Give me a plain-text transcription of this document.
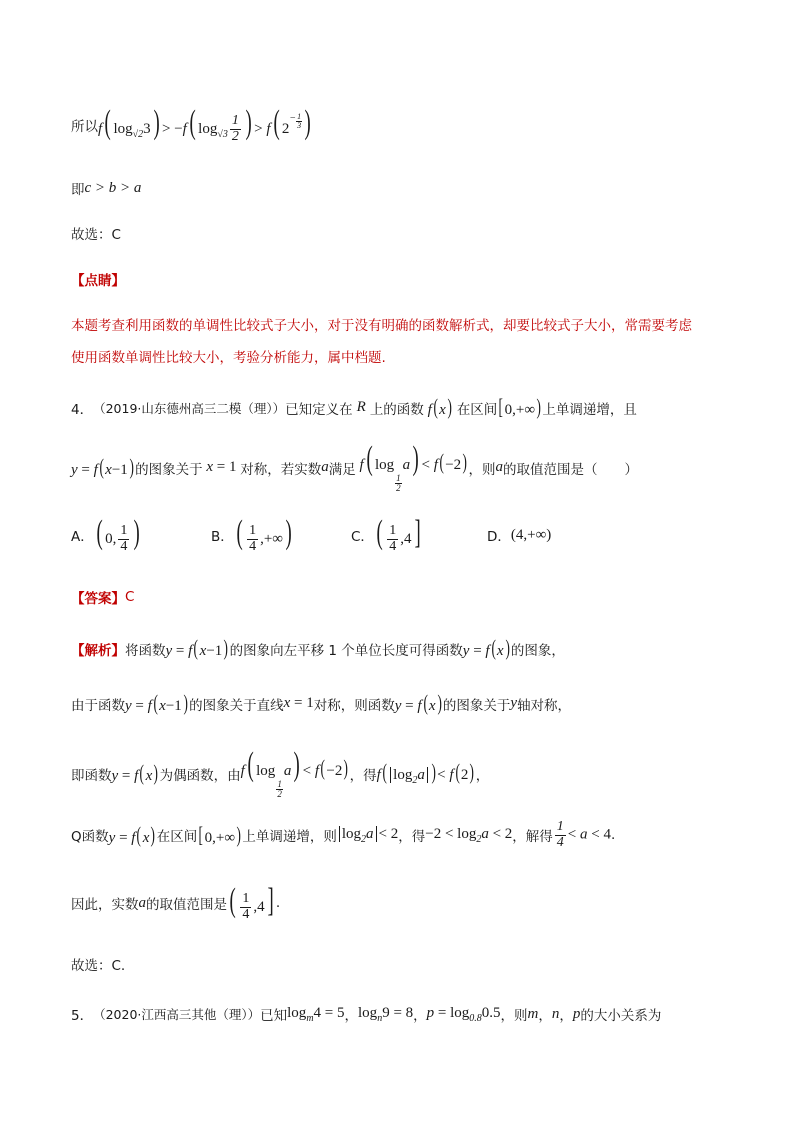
所以 f( $\log_{√2}3) > -f$( $\log_{√3} \frac{1}{2}$ ) > f( 2− 1
3 )
即 c > b > a
故选：C
【点睛】
本题考查利用函数的单调性比较式子大小，对于没有明确的函数解析式，却要比较式子大小，常需要考虑
使用函数单调性比较大小，考验分析能力，属中档题.
4． （2019·山东德州高三二模（理）） 已知定义在 R 上的函数 f(x) 在区间 [0,+∞) 上单调递增，且
y = f(x−1) 的图象关于 x = 1 对称，若实数 a 满足 f( log
$\frac{1}{2}$
a) < f(−2) ，则 a 的取值范围是（　　）
A． ( 0, $\frac{1}{4}$ )	B． ( $\frac{1}{4}$ ,+∞)	C． ( $\frac{1}{4} ,4$]	D． (4,+∞)
【答案】 C
【解析】 将函数 y = f(x−1) 的图象向左平移 1 个单位长度可得函数 y = f(x) 的图象，
由于函数 y = f(x−1) 的图象关于直线 x = 1 对称，则函数 y = f(x) 的图象关于 y 轴对称，
即函数 y = f(x) 为偶函数，由 f( log
$\frac{1}{2}$
a) < f(−2) ，得 f( $\log_2a$ )< f(2) ，
Q函数 y = f(x) 在区间 [0,+∞) 上单调递增，则 $\log_2a < 2$ ，得 $-2 < \log_2a < 2$ ，解得 $\frac{1}{4} < a < 4$ .
因此，实数 a 的取值范围是 ( $\frac{1}{4} ,4$] .
故选：C.
5． （2020·江西高三其他（理）） 已知 $\log_m4 = 5$ ， $\log_n9 = 8$ ， $p = \log_{0.8}0.5$ ，则 m ， n ， p 的大小关系为
